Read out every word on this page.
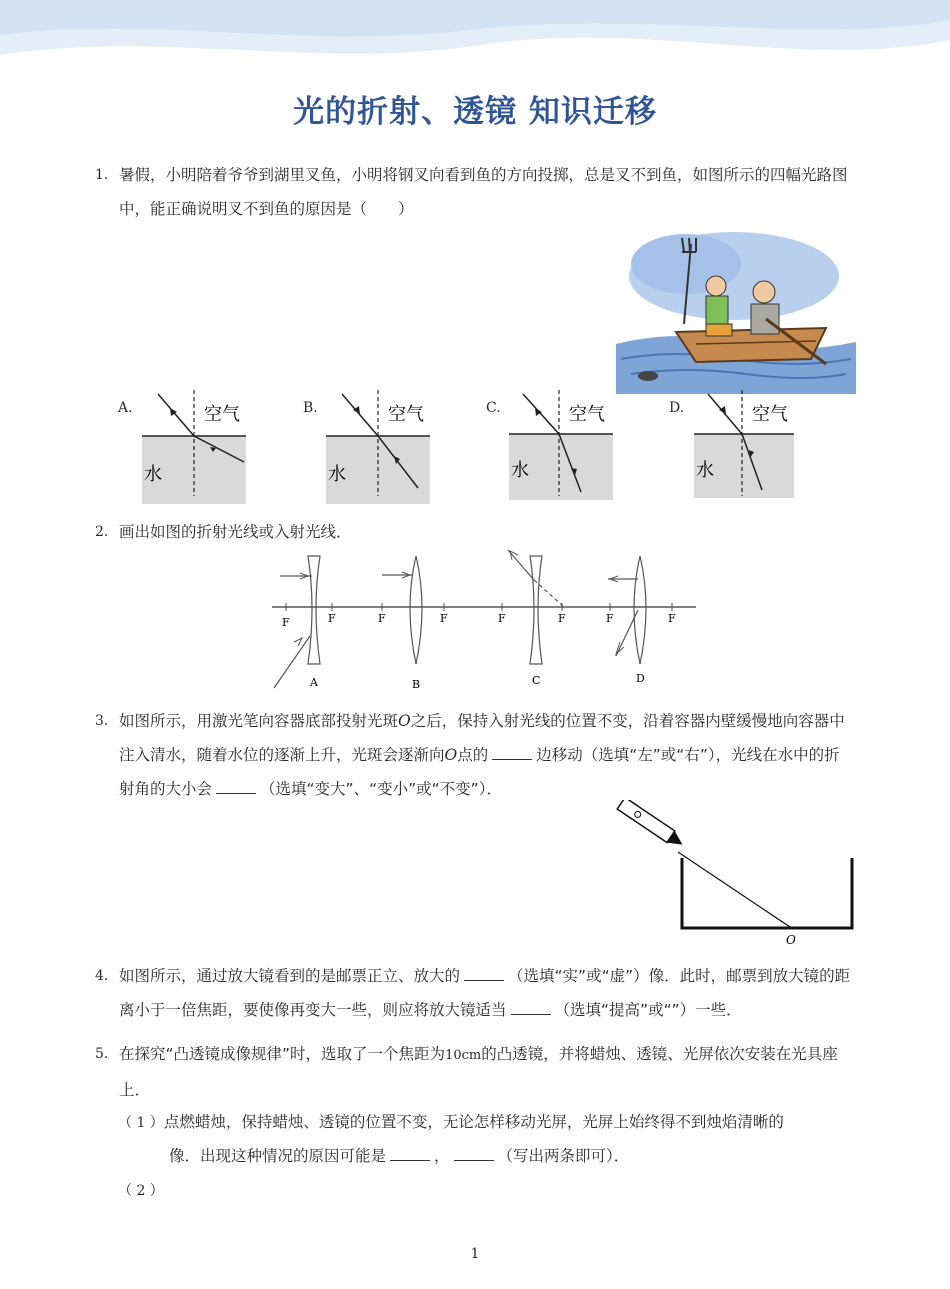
光的折射、透镜 知识迁移
1. 暑假，小明陪着爷爷到湖里叉鱼，小明将钢叉向看到鱼的方向投掷，总是叉不到鱼，如图所示的四幅光路图中，能正确说明叉不到鱼的原因是（　　）
A.	空气
水
B.	空气
水
C.	空气
水
D.	空气
水
2. 画出如图的折射光线或入射光线．
F	F
A
F	F
B
F	F
C
F	F
D
3. 如图所示，用激光笔向容器底部投射光斑O之后，保持入射光线的位置不变，沿着容器内壁缓慢地向容器中注入清水，随着水位的逐渐上升，光斑会逐渐向O点的	边移动（选填“左”或“右”），光线在水中的折射角的大小会	（选填“变大”、“变小”或“不变”）．
O
4. 如图所示，通过放大镜看到的是邮票正立、放大的	（选填“实”或“虚”）像．此时，邮票到放大镜的距离小于一倍焦距，要使像再变大一些，则应将放大镜适当	（选填“提高”或“”）一些．
5. 在探究“凸透镜成像规律”时，选取了一个焦距为10cm的凸透镜，并将蜡烛、透镜、光屏依次安装在光具座上．
（ 1 ）点燃蜡烛，保持蜡烛、透镜的位置不变，无论怎样移动光屏，光屏上始终得不到烛焰清晰的
像．出现这种情况的原因可能是	，	（写出两条即可）．
（ 2 ）
1
